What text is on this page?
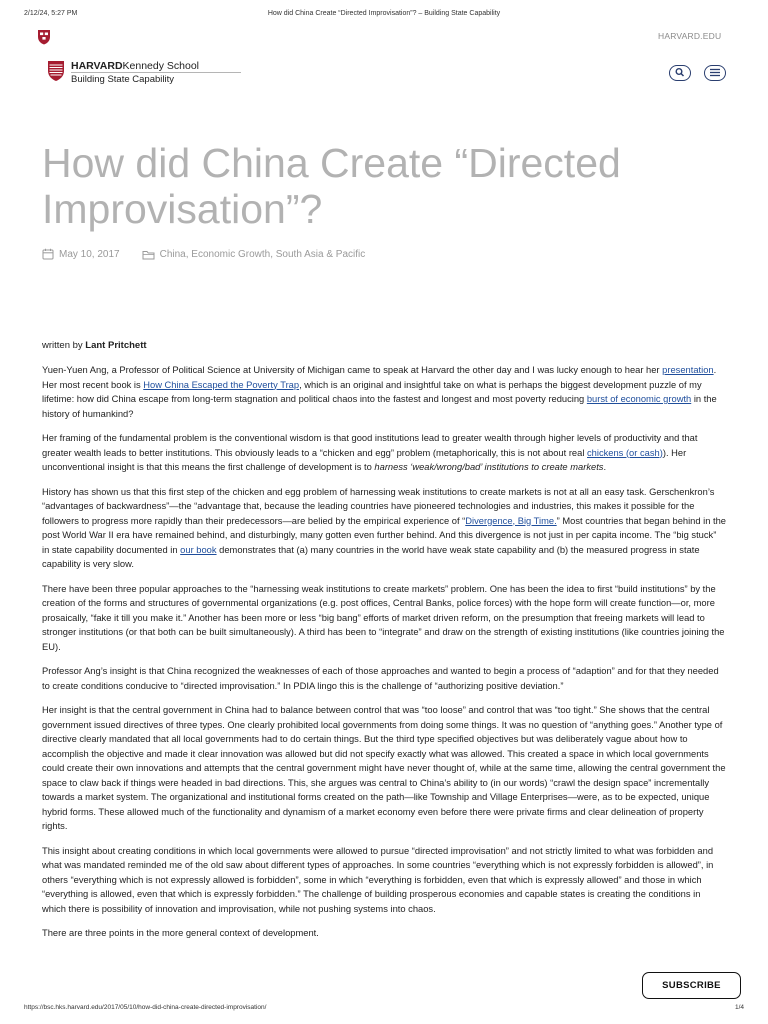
2/12/24, 5:27 PM	How did China Create “Directed Improvisation”? – Building State Capability
HARVARD.EDU
HARVARDKennedy School
Building State Capability
How did China Create “Directed Improvisation”?
May 10, 2017	China, Economic Growth, South Asia & Pacific
written by Lant Pritchett

Yuen-Yuen Ang, a Professor of Political Science at University of Michigan came to speak at Harvard the other day and I was lucky enough to hear her presentation. Her most recent book is How China Escaped the Poverty Trap, which is an original and insightful take on what is perhaps the biggest development puzzle of my lifetime: how did China escape from long-term stagnation and political chaos into the fastest and longest and most poverty reducing burst of economic growth in the history of humankind?

Her framing of the fundamental problem is the conventional wisdom is that good institutions lead to greater wealth through higher levels of productivity and that greater wealth leads to better institutions. This obviously leads to a “chicken and egg” problem (metaphorically, this is not about real chickens (or cash)). Her unconventional insight is that this means the first challenge of development is to harness ‘weak/wrong/bad’ institutions to create markets.

History has shown us that this first step of the chicken and egg problem of harnessing weak institutions to create markets is not at all an easy task. Gerschenkron’s “advantages of backwardness”—the “advantage that, because the leading countries have pioneered technologies and industries, this makes it possible for the followers to progress more rapidly than their predecessors—are belied by the empirical experience of “Divergence, Big Time.” Most countries that began behind in the post World War II era have remained behind, and disturbingly, many gotten even further behind. And this divergence is not just in per capita income. The “big stuck” in state capability documented in our book demonstrates that (a) many countries in the world have weak state capability and (b) the measured progress in state capability is very slow.

There have been three popular approaches to the “harnessing weak institutions to create markets” problem. One has been the idea to first “build institutions” by the creation of the forms and structures of governmental organizations (e.g. post offices, Central Banks, police forces) with the hope form will create function—or, more prosaically, “fake it till you make it.” Another has been more or less “big bang” efforts of market driven reform, on the presumption that freeing markets will lead to stronger institutions (or that both can be built simultaneously). A third has been to “integrate” and draw on the strength of existing institutions (like countries joining the EU).

Professor Ang’s insight is that China recognized the weaknesses of each of those approaches and wanted to begin a process of “adaption” and for that they needed to create conditions conducive to “directed improvisation.” In PDIA lingo this is the challenge of “authorizing positive deviation.”

Her insight is that the central government in China had to balance between control that was “too loose” and control that was “too tight.” She shows that the central government issued directives of three types. One clearly prohibited local governments from doing some things. It was no question of “anything goes.” Another type of directive clearly mandated that all local governments had to do certain things. But the third type specified objectives but was deliberately vague about how to accomplish the objective and made it clear innovation was allowed but did not specify exactly what was allowed. This created a space in which local governments could create their own innovations and attempts that the central government might have never thought of, while at the same time, allowing the central government the space to claw back if things were headed in bad directions. This, she argues was central to China’s ability to (in our words) “crawl the design space” incrementally towards a market system. The organizational and institutional forms created on the path—like Township and Village Enterprises—were, as to be expected, unique hybrid forms. These allowed much of the functionality and dynamism of a market economy even before there were private firms and clear delineation of property rights.

This insight about creating conditions in which local governments were allowed to pursue “directed improvisation” and not strictly limited to what was forbidden and what was mandated reminded me of the old saw about different types of approaches. In some countries “everything which is not expressly forbidden is allowed”, in others “everything which is not expressly allowed is forbidden”, some in which “everything is forbidden, even that which is expressly allowed” and those in which “everything is allowed, even that which is expressly forbidden.” The challenge of building prosperous economies and capable states is creating the conditions in which there is possibility of innovation and improvisation, while not pushing systems into chaos.

There are three points in the more general context of development.

SUBSCRIBE
https://bsc.hks.harvard.edu/2017/05/10/how-did-china-create-directed-improvisation/	1/4
